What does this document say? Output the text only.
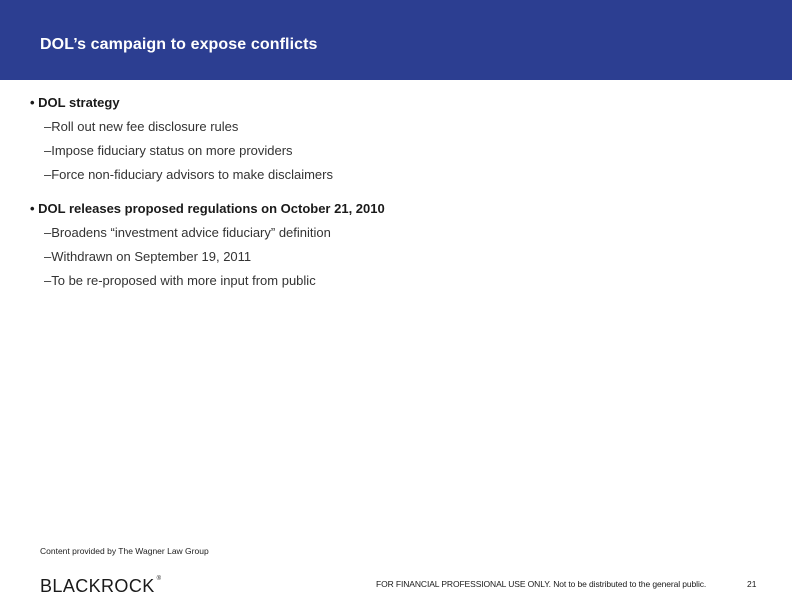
DOL’s campaign to expose conflicts
• DOL strategy
–Roll out new fee disclosure rules
–Impose fiduciary status on more providers
–Force non-fiduciary advisors to make disclaimers
• DOL releases proposed regulations on October 21, 2010
–Broadens “investment advice fiduciary” definition
–Withdrawn on September 19, 2011
–To be re-proposed with more input from public
Content provided by The Wagner Law Group
BLACKROCK ®	FOR FINANCIAL PROFESSIONAL USE ONLY. Not to be distributed to the general public.	21
